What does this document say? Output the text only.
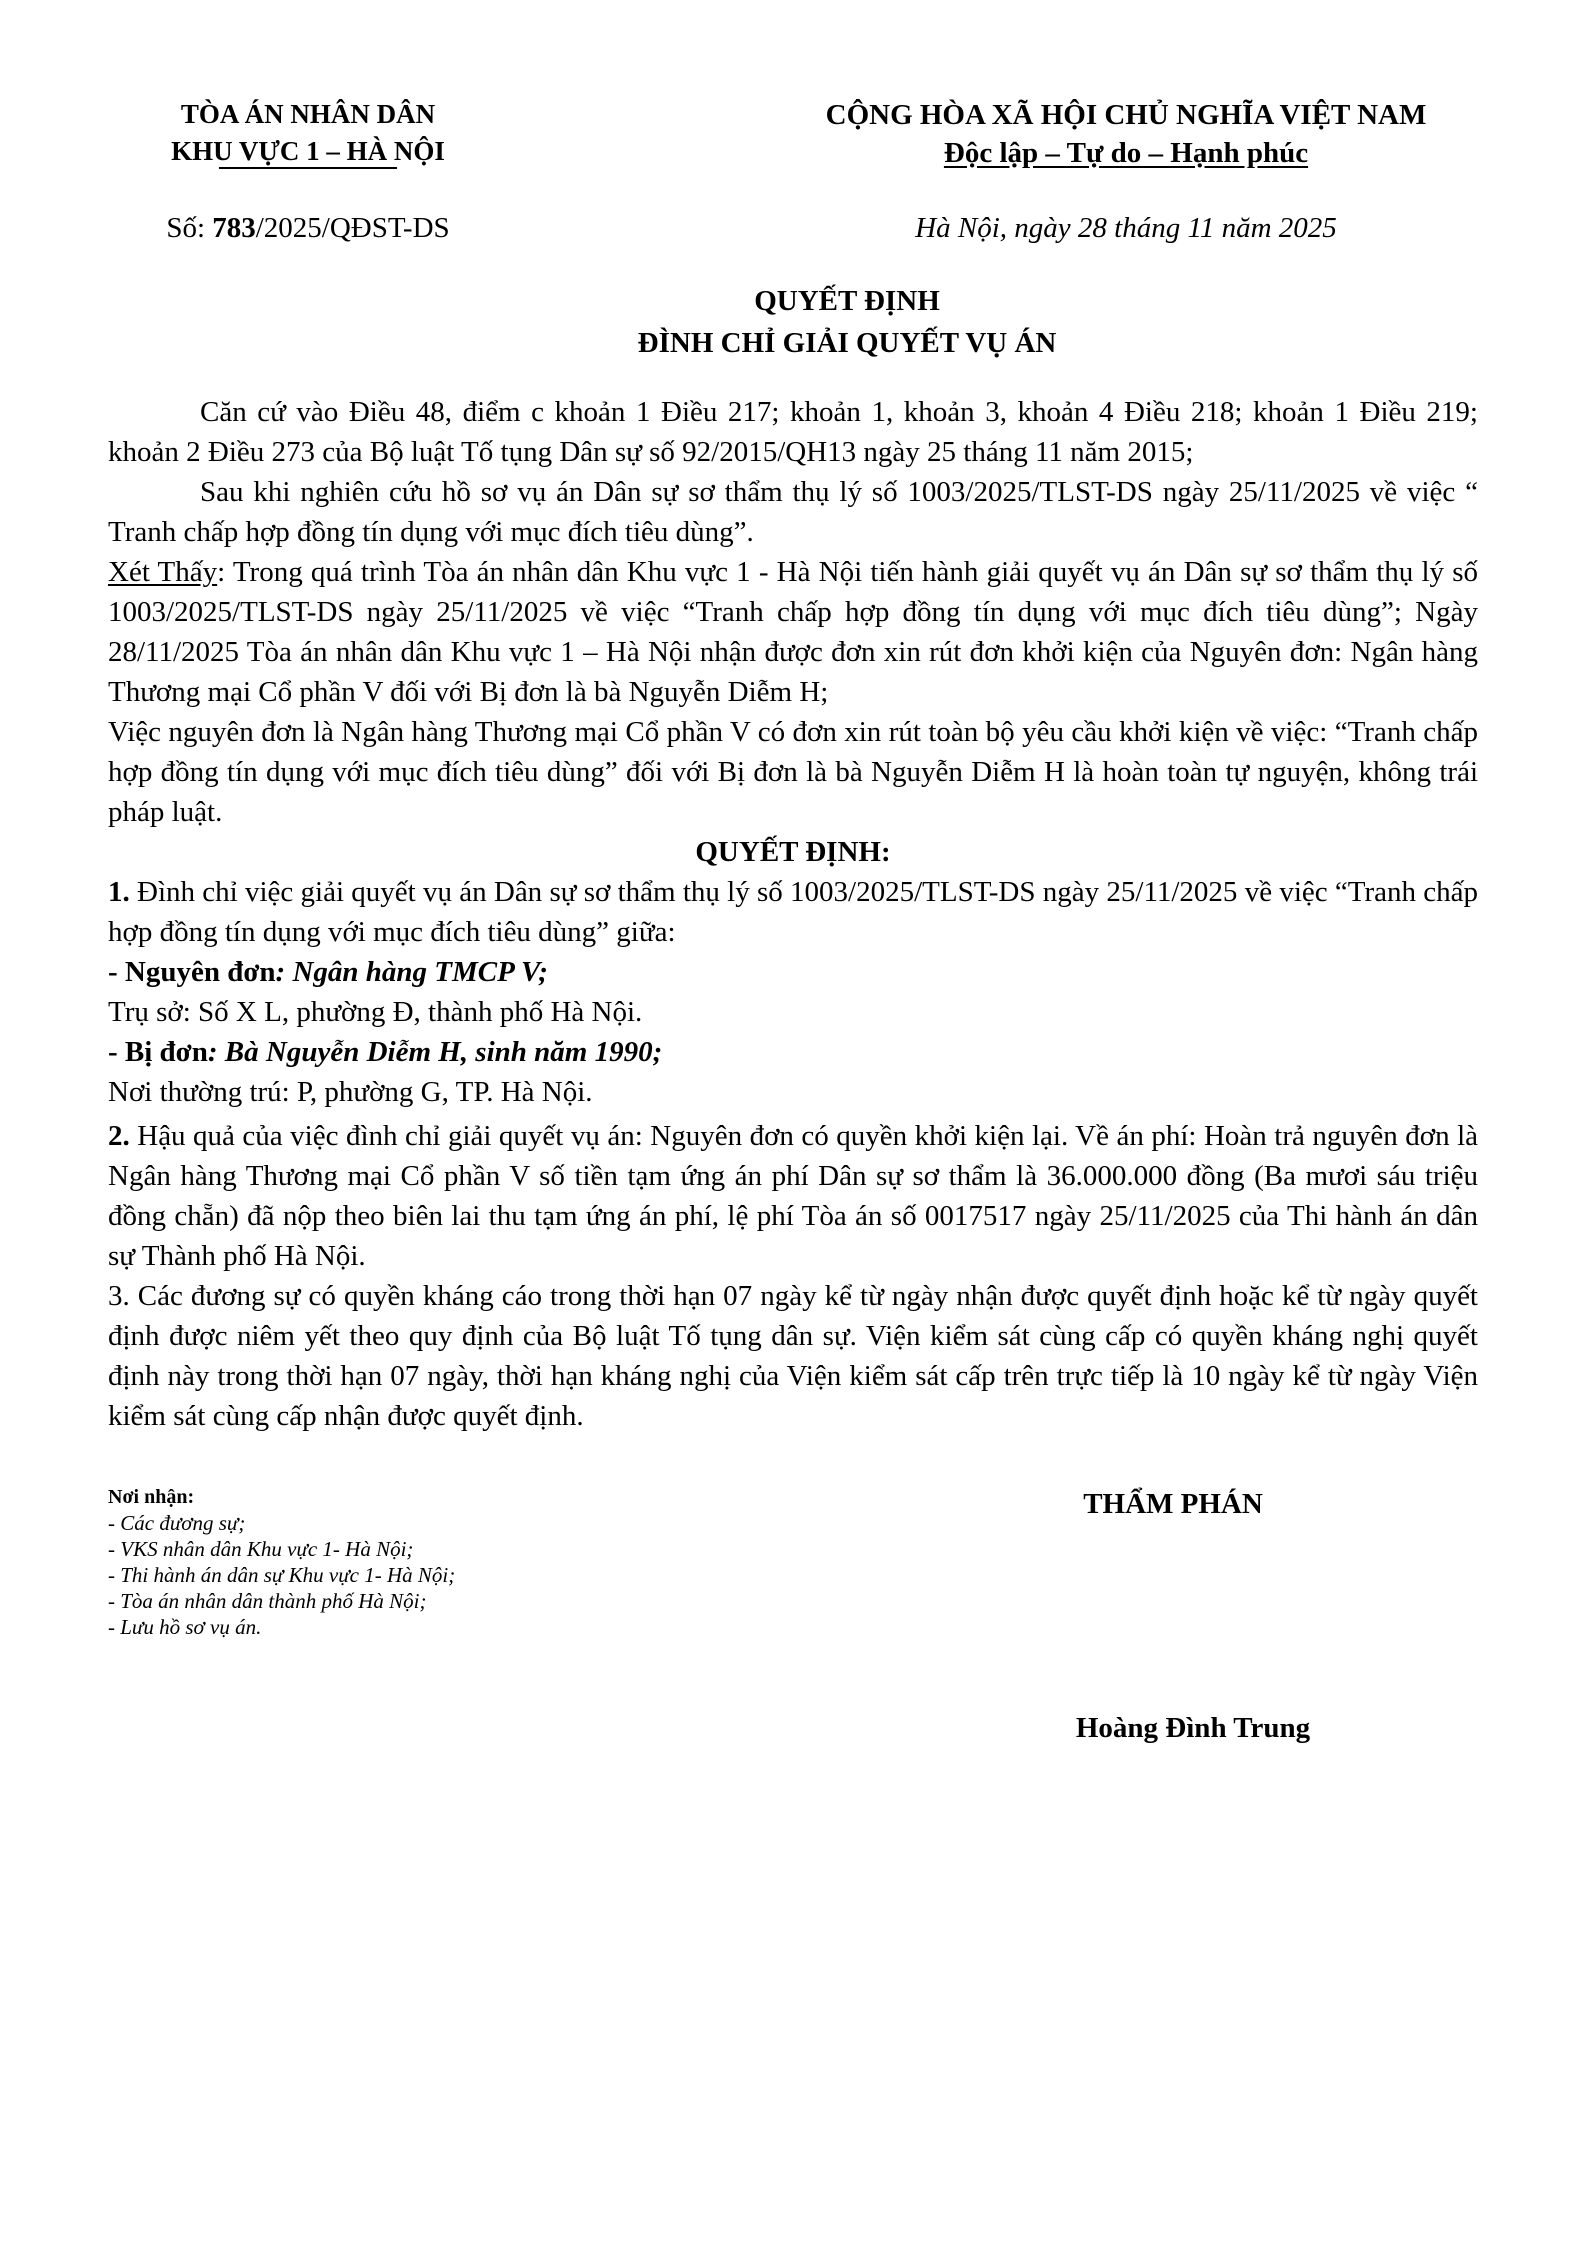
TÒA ÁN NHÂN DÂN
KHU VỰC 1 – HÀ NỘI
CỘNG HÒA XÃ HỘI CHỦ NGHĨA VIỆT NAM
Độc lập – Tự do – Hạnh phúc
Số: 783/2025/QĐST-DS	Hà Nội, ngày 28 tháng 11 năm 2025
QUYẾT ĐỊNH
ĐÌNH CHỈ GIẢI QUYẾT VỤ ÁN

Căn cứ vào Điều 48, điểm c khoản 1 Điều 217; khoản 1, khoản 3, khoản 4 Điều 218; khoản 1 Điều 219; khoản 2 Điều 273 của Bộ luật Tố tụng Dân sự số 92/2015/QH13 ngày 25 tháng 11 năm 2015;

Sau khi nghiên cứu hồ sơ vụ án Dân sự sơ thẩm thụ lý số 1003/2025/TLST-DS ngày 25/11/2025 về việc “ Tranh chấp hợp đồng tín dụng với mục đích tiêu dùng”.

Xét Thấy: Trong quá trình Tòa án nhân dân Khu vực 1 - Hà Nội tiến hành giải quyết vụ án Dân sự sơ thẩm thụ lý số 1003/2025/TLST-DS ngày 25/11/2025 về việc “Tranh chấp hợp đồng tín dụng với mục đích tiêu dùng”; Ngày 28/11/2025 Tòa án nhân dân Khu vực 1 – Hà Nội nhận được đơn xin rút đơn khởi kiện của Nguyên đơn: Ngân hàng Thương mại Cổ phần V đối với Bị đơn là bà Nguyễn Diễm H;

Việc nguyên đơn là Ngân hàng Thương mại Cổ phần V có đơn xin rút toàn bộ yêu cầu khởi kiện về việc: “Tranh chấp hợp đồng tín dụng với mục đích tiêu dùng” đối với Bị đơn là bà Nguyễn Diễm H là hoàn toàn tự nguyện, không trái pháp luật.

QUYẾT ĐỊNH:

1. Đình chỉ việc giải quyết vụ án Dân sự sơ thẩm thụ lý số 1003/2025/TLST-DS ngày 25/11/2025 về việc “Tranh chấp hợp đồng tín dụng với mục đích tiêu dùng” giữa:

- Nguyên đơn: Ngân hàng TMCP V;

Trụ sở: Số X L, phường Đ, thành phố Hà Nội.

- Bị đơn: Bà Nguyễn Diễm H, sinh năm 1990;

Nơi thường trú: P, phường G, TP. Hà Nội.

2. Hậu quả của việc đình chỉ giải quyết vụ án: Nguyên đơn có quyền khởi kiện lại. Về án phí: Hoàn trả nguyên đơn là Ngân hàng Thương mại Cổ phần V số tiền tạm ứng án phí Dân sự sơ thẩm là 36.000.000 đồng (Ba mươi sáu triệu đồng chẵn) đã nộp theo biên lai thu tạm ứng án phí, lệ phí Tòa án số 0017517 ngày 25/11/2025 của Thi hành án dân sự Thành phố Hà Nội.

3. Các đương sự có quyền kháng cáo trong thời hạn 07 ngày kể từ ngày nhận được quyết định hoặc kể từ ngày quyết định được niêm yết theo quy định của Bộ luật Tố tụng dân sự. Viện kiểm sát cùng cấp có quyền kháng nghị quyết định này trong thời hạn 07 ngày, thời hạn kháng nghị của Viện kiểm sát cấp trên trực tiếp là 10 ngày kể từ ngày Viện kiểm sát cùng cấp nhận được quyết định.

Nơi nhận:
- Các đương sự;
- VKS nhân dân Khu vực 1- Hà Nội;
- Thi hành án dân sự Khu vực 1- Hà Nội;
- Tòa án nhân dân thành phố Hà Nội;
- Lưu hồ sơ vụ án.
THẨM PHÁN
Hoàng Đình Trung
